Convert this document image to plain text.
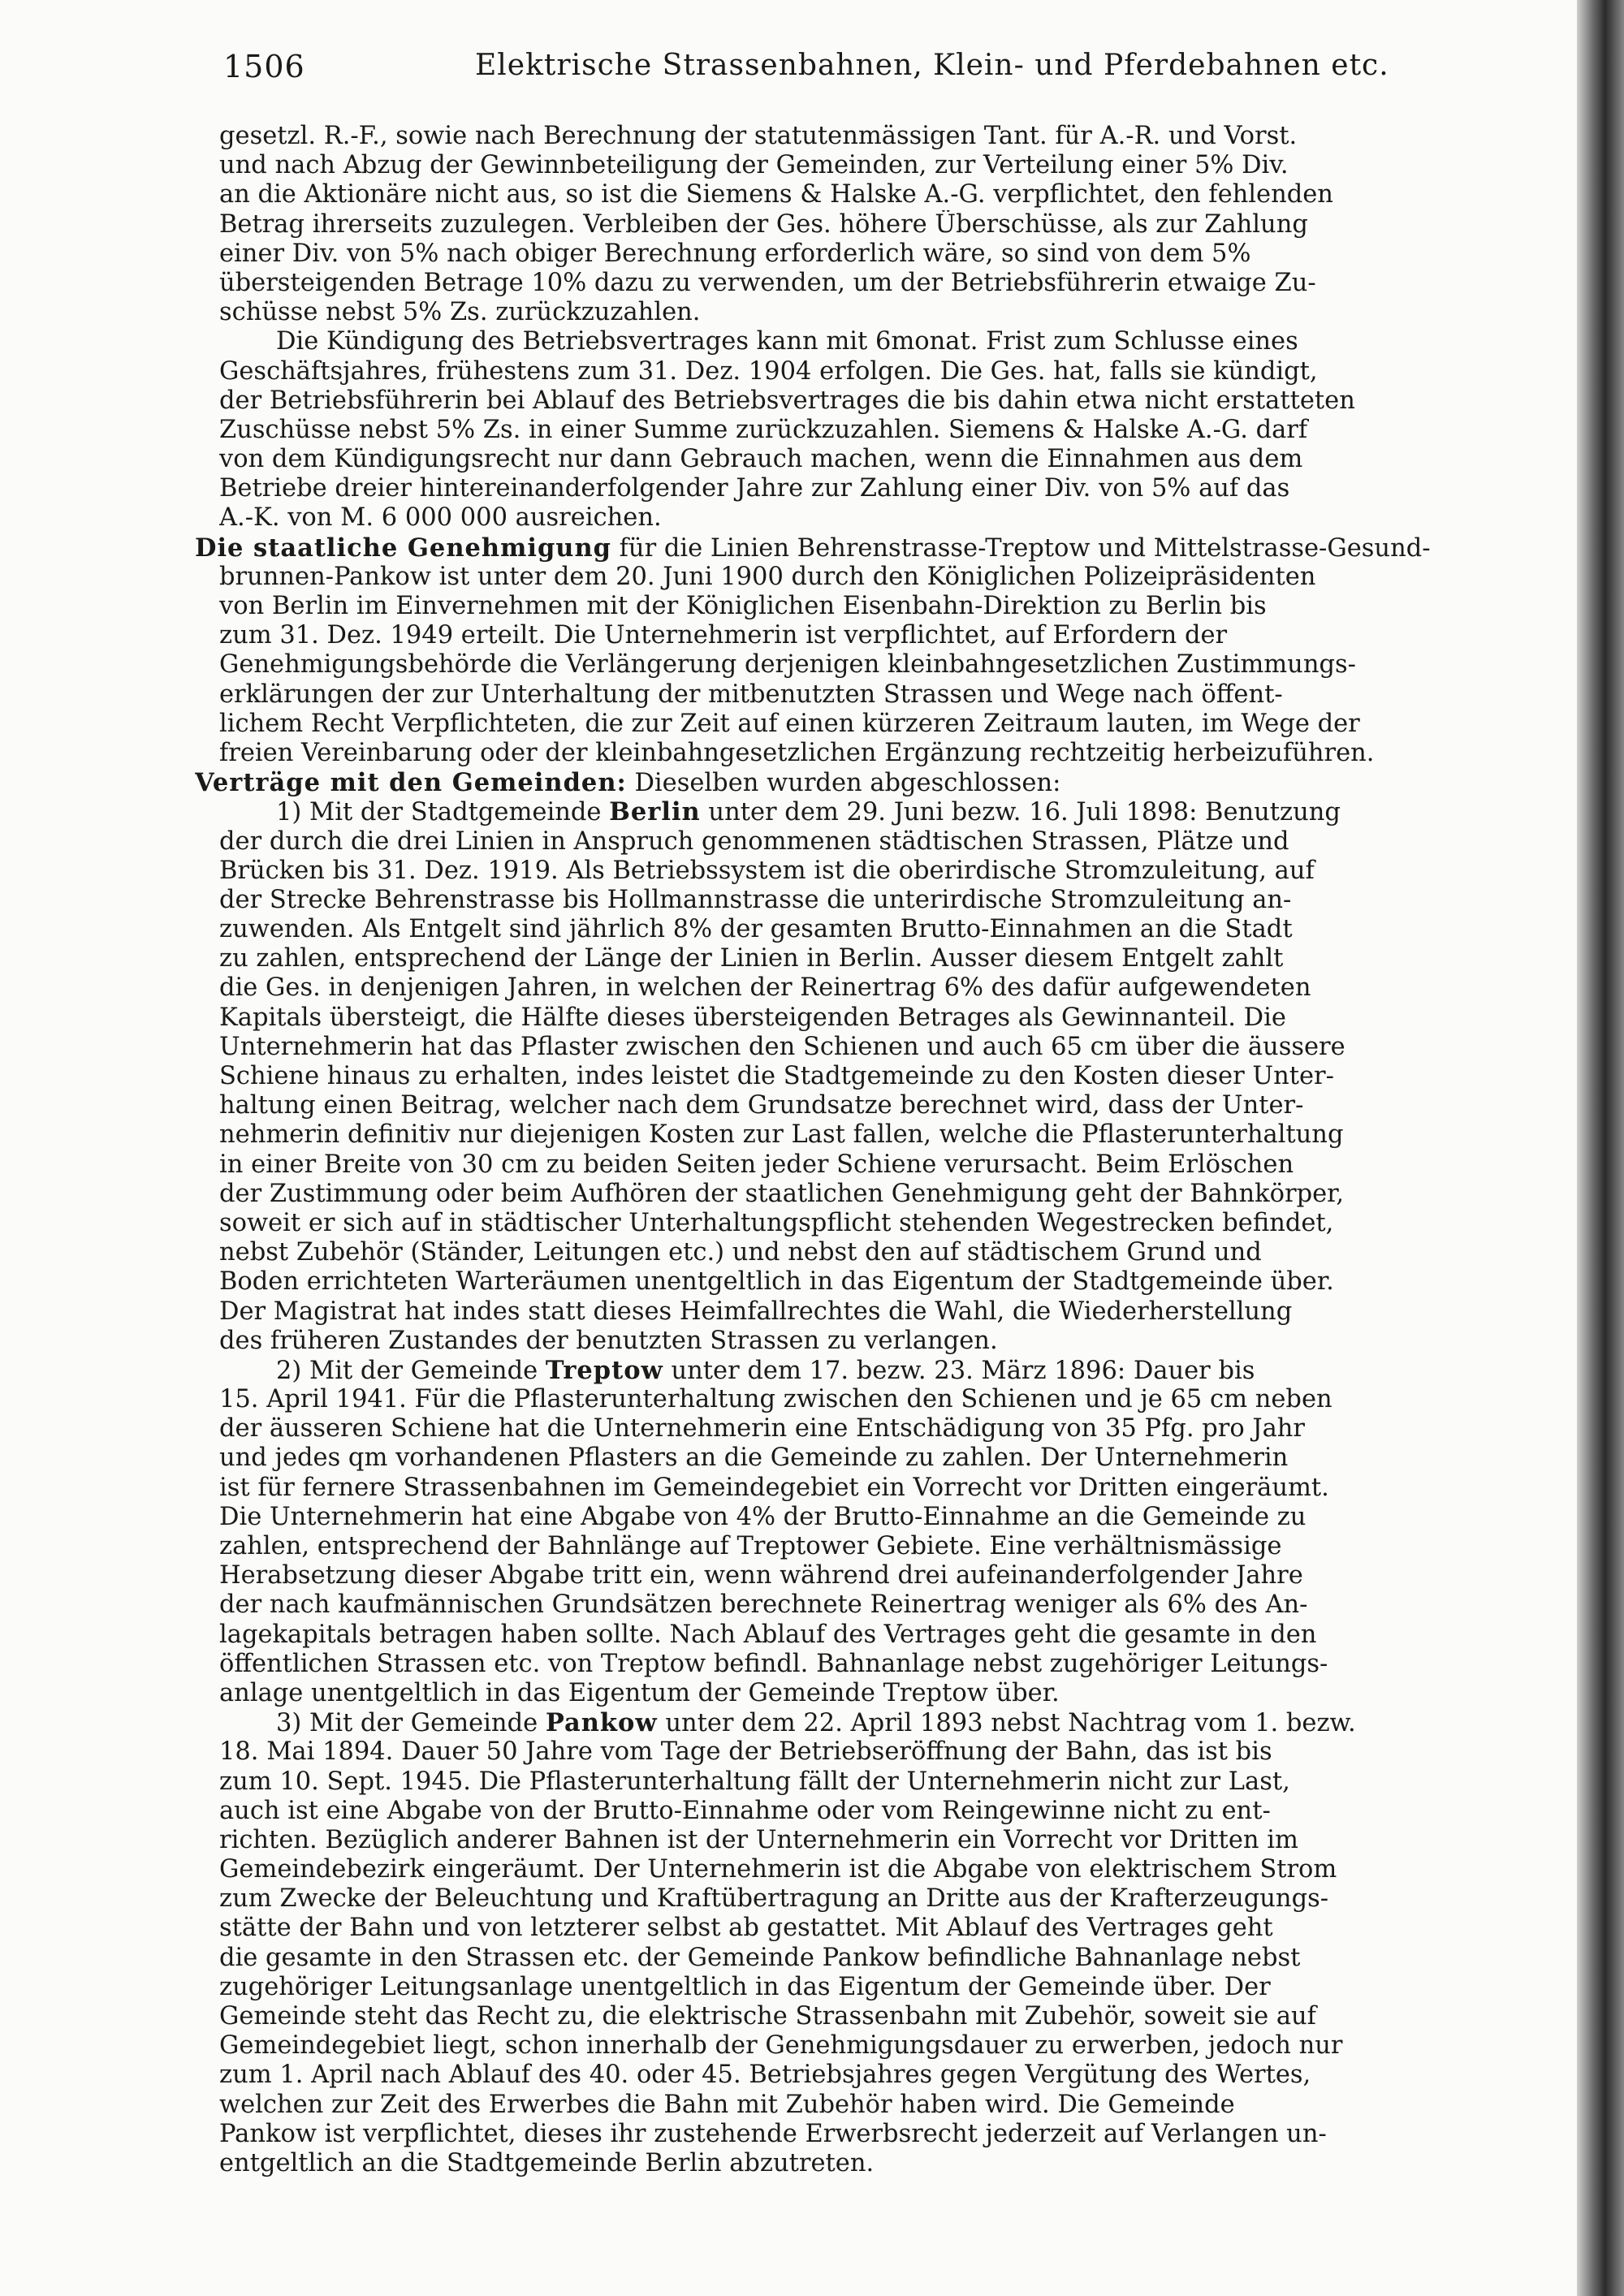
1506	Elektrische Strassenbahnen, Klein- und Pferdebahnen etc.
gesetzl. R.-F., sowie nach Berechnung der statutenmässigen Tant. für A.-R. und Vorst.
und nach Abzug der Gewinnbeteiligung der Gemeinden, zur Verteilung einer 5% Div.
an die Aktionäre nicht aus, so ist die Siemens & Halske A.-G. verpflichtet, den fehlenden
Betrag ihrerseits zuzulegen. Verbleiben der Ges. höhere Überschüsse, als zur Zahlung
einer Div. von 5% nach obiger Berechnung erforderlich wäre, so sind von dem 5%
übersteigenden Betrage 10% dazu zu verwenden, um der Betriebsführerin etwaige Zu-
schüsse nebst 5% Zs. zurückzuzahlen.
Die Kündigung des Betriebsvertrages kann mit 6monat. Frist zum Schlusse eines
Geschäftsjahres, frühestens zum 31. Dez. 1904 erfolgen. Die Ges. hat, falls sie kündigt,
der Betriebsführerin bei Ablauf des Betriebsvertrages die bis dahin etwa nicht erstatteten
Zuschüsse nebst 5% Zs. in einer Summe zurückzuzahlen. Siemens & Halske A.-G. darf
von dem Kündigungsrecht nur dann Gebrauch machen, wenn die Einnahmen aus dem
Betriebe dreier hintereinanderfolgender Jahre zur Zahlung einer Div. von 5% auf das
A.-K. von M. 6 000 000 ausreichen.
Die staatliche Genehmigung für die Linien Behrenstrasse-Treptow und Mittelstrasse-Gesund-
brunnen-Pankow ist unter dem 20. Juni 1900 durch den Königlichen Polizeipräsidenten
von Berlin im Einvernehmen mit der Königlichen Eisenbahn-Direktion zu Berlin bis
zum 31. Dez. 1949 erteilt. Die Unternehmerin ist verpflichtet, auf Erfordern der
Genehmigungsbehörde die Verlängerung derjenigen kleinbahngesetzlichen Zustimmungs-
erklärungen der zur Unterhaltung der mitbenutzten Strassen und Wege nach öffent-
lichem Recht Verpflichteten, die zur Zeit auf einen kürzeren Zeitraum lauten, im Wege der
freien Vereinbarung oder der kleinbahngesetzlichen Ergänzung rechtzeitig herbeizuführen.
Verträge mit den Gemeinden: Dieselben wurden abgeschlossen:
1) Mit der Stadtgemeinde Berlin unter dem 29. Juni bezw. 16. Juli 1898: Benutzung
der durch die drei Linien in Anspruch genommenen städtischen Strassen, Plätze und
Brücken bis 31. Dez. 1919. Als Betriebssystem ist die oberirdische Stromzuleitung, auf
der Strecke Behrenstrasse bis Hollmannstrasse die unterirdische Stromzuleitung an-
zuwenden. Als Entgelt sind jährlich 8% der gesamten Brutto-Einnahmen an die Stadt
zu zahlen, entsprechend der Länge der Linien in Berlin. Ausser diesem Entgelt zahlt
die Ges. in denjenigen Jahren, in welchen der Reinertrag 6% des dafür aufgewendeten
Kapitals übersteigt, die Hälfte dieses übersteigenden Betrages als Gewinnanteil. Die
Unternehmerin hat das Pflaster zwischen den Schienen und auch 65 cm über die äussere
Schiene hinaus zu erhalten, indes leistet die Stadtgemeinde zu den Kosten dieser Unter-
haltung einen Beitrag, welcher nach dem Grundsatze berechnet wird, dass der Unter-
nehmerin definitiv nur diejenigen Kosten zur Last fallen, welche die Pflasterunterhaltung
in einer Breite von 30 cm zu beiden Seiten jeder Schiene verursacht. Beim Erlöschen
der Zustimmung oder beim Aufhören der staatlichen Genehmigung geht der Bahnkörper,
soweit er sich auf in städtischer Unterhaltungspflicht stehenden Wegestrecken befindet,
nebst Zubehör (Ständer, Leitungen etc.) und nebst den auf städtischem Grund und
Boden errichteten Warteräumen unentgeltlich in das Eigentum der Stadtgemeinde über.
Der Magistrat hat indes statt dieses Heimfallrechtes die Wahl, die Wiederherstellung
des früheren Zustandes der benutzten Strassen zu verlangen.
2) Mit der Gemeinde Treptow unter dem 17. bezw. 23. März 1896: Dauer bis
15. April 1941. Für die Pflasterunterhaltung zwischen den Schienen und je 65 cm neben
der äusseren Schiene hat die Unternehmerin eine Entschädigung von 35 Pfg. pro Jahr
und jedes qm vorhandenen Pflasters an die Gemeinde zu zahlen. Der Unternehmerin
ist für fernere Strassenbahnen im Gemeindegebiet ein Vorrecht vor Dritten eingeräumt.
Die Unternehmerin hat eine Abgabe von 4% der Brutto-Einnahme an die Gemeinde zu
zahlen, entsprechend der Bahnlänge auf Treptower Gebiete. Eine verhältnismässige
Herabsetzung dieser Abgabe tritt ein, wenn während drei aufeinanderfolgender Jahre
der nach kaufmännischen Grundsätzen berechnete Reinertrag weniger als 6% des An-
lagekapitals betragen haben sollte. Nach Ablauf des Vertrages geht die gesamte in den
öffentlichen Strassen etc. von Treptow befindl. Bahnanlage nebst zugehöriger Leitungs-
anlage unentgeltlich in das Eigentum der Gemeinde Treptow über.
3) Mit der Gemeinde Pankow unter dem 22. April 1893 nebst Nachtrag vom 1. bezw.
18. Mai 1894. Dauer 50 Jahre vom Tage der Betriebseröffnung der Bahn, das ist bis
zum 10. Sept. 1945. Die Pflasterunterhaltung fällt der Unternehmerin nicht zur Last,
auch ist eine Abgabe von der Brutto-Einnahme oder vom Reingewinne nicht zu ent-
richten. Bezüglich anderer Bahnen ist der Unternehmerin ein Vorrecht vor Dritten im
Gemeindebezirk eingeräumt. Der Unternehmerin ist die Abgabe von elektrischem Strom
zum Zwecke der Beleuchtung und Kraftübertragung an Dritte aus der Krafterzeugungs-
stätte der Bahn und von letzterer selbst ab gestattet. Mit Ablauf des Vertrages geht
die gesamte in den Strassen etc. der Gemeinde Pankow befindliche Bahnanlage nebst
zugehöriger Leitungsanlage unentgeltlich in das Eigentum der Gemeinde über. Der
Gemeinde steht das Recht zu, die elektrische Strassenbahn mit Zubehör, soweit sie auf
Gemeindegebiet liegt, schon innerhalb der Genehmigungsdauer zu erwerben, jedoch nur
zum 1. April nach Ablauf des 40. oder 45. Betriebsjahres gegen Vergütung des Wertes,
welchen zur Zeit des Erwerbes die Bahn mit Zubehör haben wird. Die Gemeinde
Pankow ist verpflichtet, dieses ihr zustehende Erwerbsrecht jederzeit auf Verlangen un-
entgeltlich an die Stadtgemeinde Berlin abzutreten.
